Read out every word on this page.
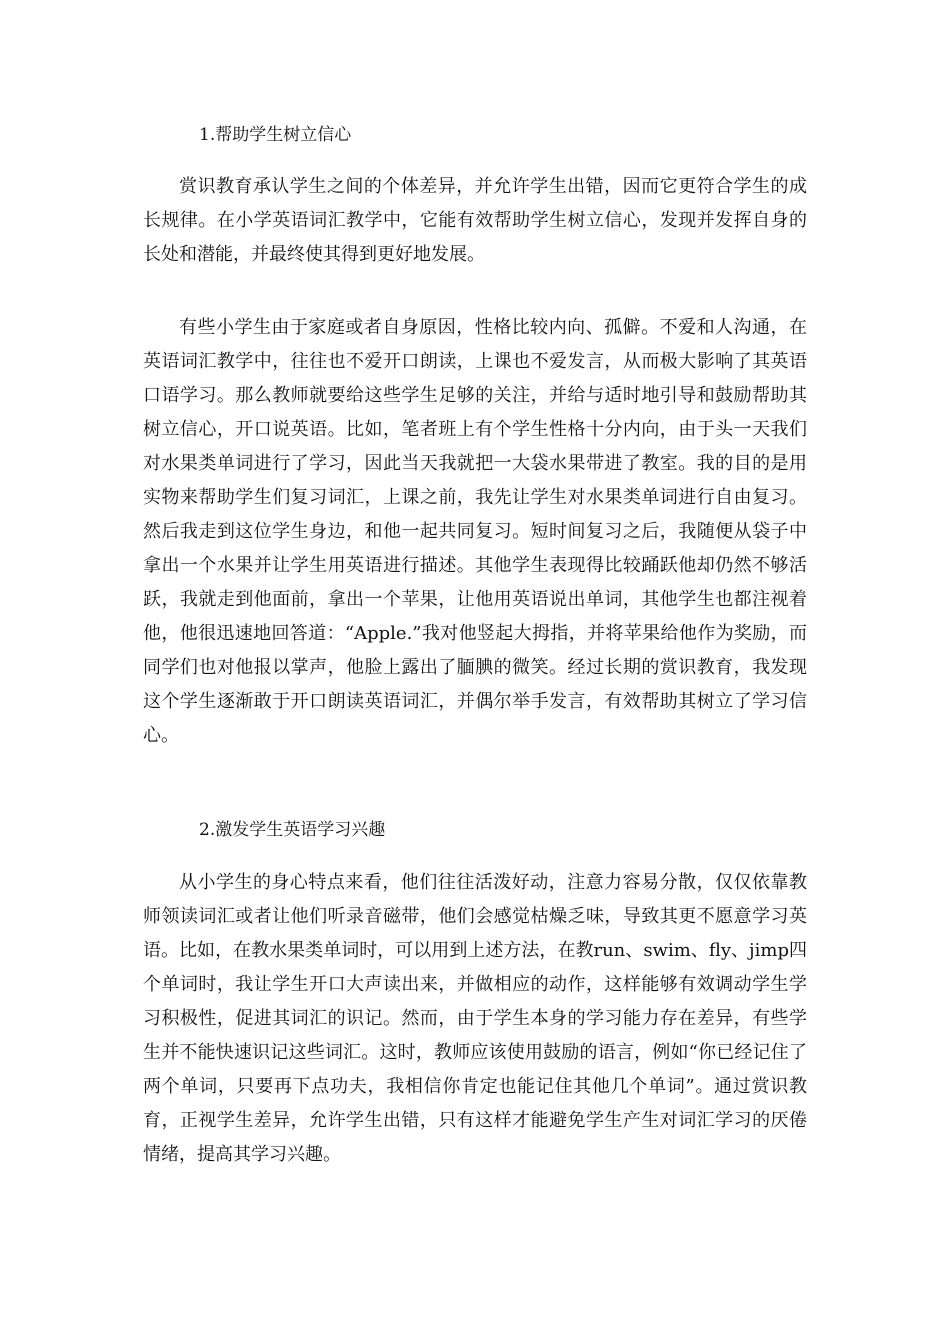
1.帮助学生树立信心

赏识教育承认学生之间的个体差异，并允许学生出错，因而它更符合学生的成长规律。在小学英语词汇教学中，它能有效帮助学生树立信心，发现并发挥自身的长处和潜能，并最终使其得到更好地发展。

有些小学生由于家庭或者自身原因，性格比较内向、孤僻。不爱和人沟通，在英语词汇教学中，往往也不爱开口朗读，上课也不爱发言，从而极大影响了其英语口语学习。那么教师就要给这些学生足够的关注，并给与适时地引导和鼓励帮助其树立信心，开口说英语。比如，笔者班上有个学生性格十分内向，由于头一天我们对水果类单词进行了学习，因此当天我就把一大袋水果带进了教室。我的目的是用实物来帮助学生们复习词汇，上课之前，我先让学生对水果类单词进行自由复习。 然后我走到这位学生身边，和他一起共同复习。短时间复习之后，我随便从袋子中拿出一个水果并让学生用英语进行描述。其他学生表现得比较踊跃他却仍然不够活跃，我就走到他面前，拿出一个苹果，让他用英语说出单词，其他学生也都注视着他，他很迅速地回答道：“Apple.”我对他竖起大拇指，并将苹果给他作为奖励，而同学们也对他报以掌声，他脸上露出了腼腆的微笑。经过长期的赏识教育，我发现这个学生逐渐敢于开口朗读英语词汇，并偶尔举手发言，有效帮助其树立了学习信心。

2.激发学生英语学习兴趣

从小学生的身心特点来看，他们往往活泼好动，注意力容易分散，仅仅依靠教师领读词汇或者让他们听录音磁带，他们会感觉枯燥乏味，导致其更不愿意学习英语。比如，在教水果类单词时，可以用到上述方法，在教run、swim、fly、jimp四个单词时，我让学生开口大声读出来，并做相应的动作，这样能够有效调动学生学习积极性，促进其词汇的识记。然而，由于学生本身的学习能力存在差异，有些学生并不能快速识记这些词汇。这时，教师应该使用鼓励的语言，例如“你已经记住了两个单词，只要再下点功夫，我相信你肯定也能记住其他几个单词”。通过赏识教育，正视学生差异，允许学生出错，只有这样才能避免学生产生对词汇学习的厌倦情绪，提高其学习兴趣。
